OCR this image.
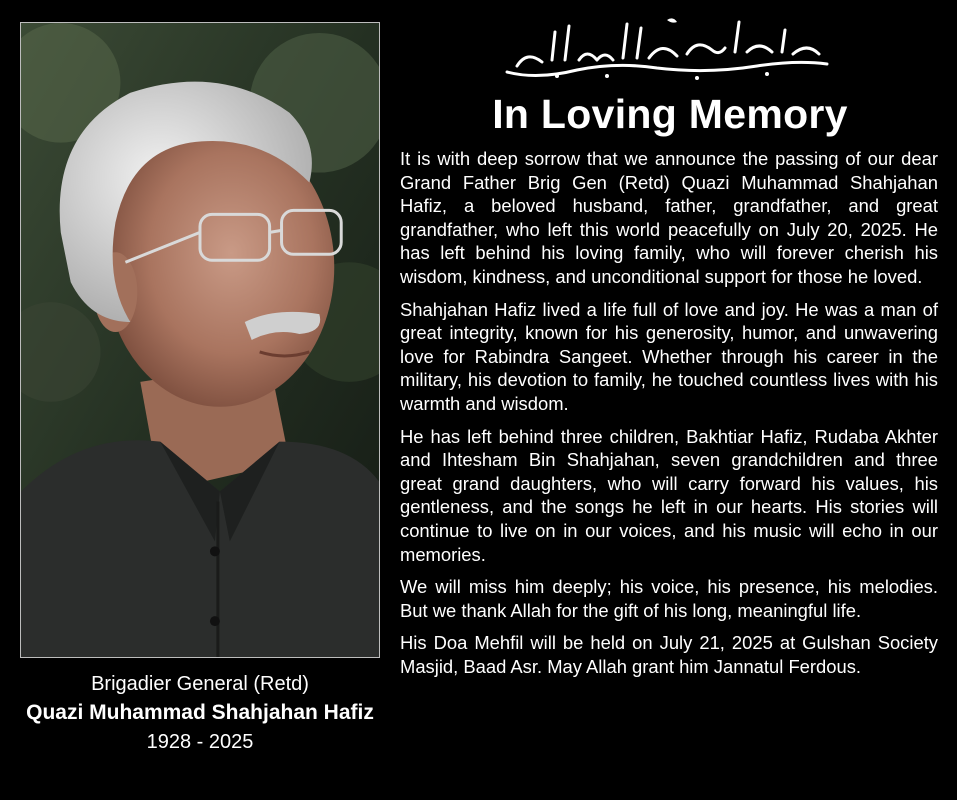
Brigadier General (Retd)
Quazi Muhammad Shahjahan Hafiz
1928 - 2025
In Loving Memory

It is with deep sorrow that we announce the passing of our dear Grand Father Brig Gen (Retd) Quazi Muhammad Shahjahan Hafiz, a beloved husband, father, grandfather, and great grandfather, who left this world peacefully on July 20, 2025. He has left behind his loving family, who will forever cherish his wisdom, kindness, and unconditional support for those he loved.

Shahjahan Hafiz lived a life full of love and joy. He was a man of great integrity, known for his generosity, humor, and unwavering love for Rabindra Sangeet. Whether through his career in the military, his devotion to family, he touched countless lives with his warmth and wisdom.

He has left behind three children, Bakhtiar Hafiz, Rudaba Akhter and Ihtesham Bin Shahjahan, seven grandchildren and three great grand daughters, who will carry forward his values, his gentleness, and the songs he left in our hearts. His stories will continue to live on in our voices, and his music will echo in our memories.

We will miss him deeply; his voice, his presence, his melodies. But we thank Allah for the gift of his long, meaningful life.

His Doa Mehfil will be held on July 21, 2025 at Gulshan Society Masjid, Baad Asr. May Allah grant him Jannatul Ferdous.
